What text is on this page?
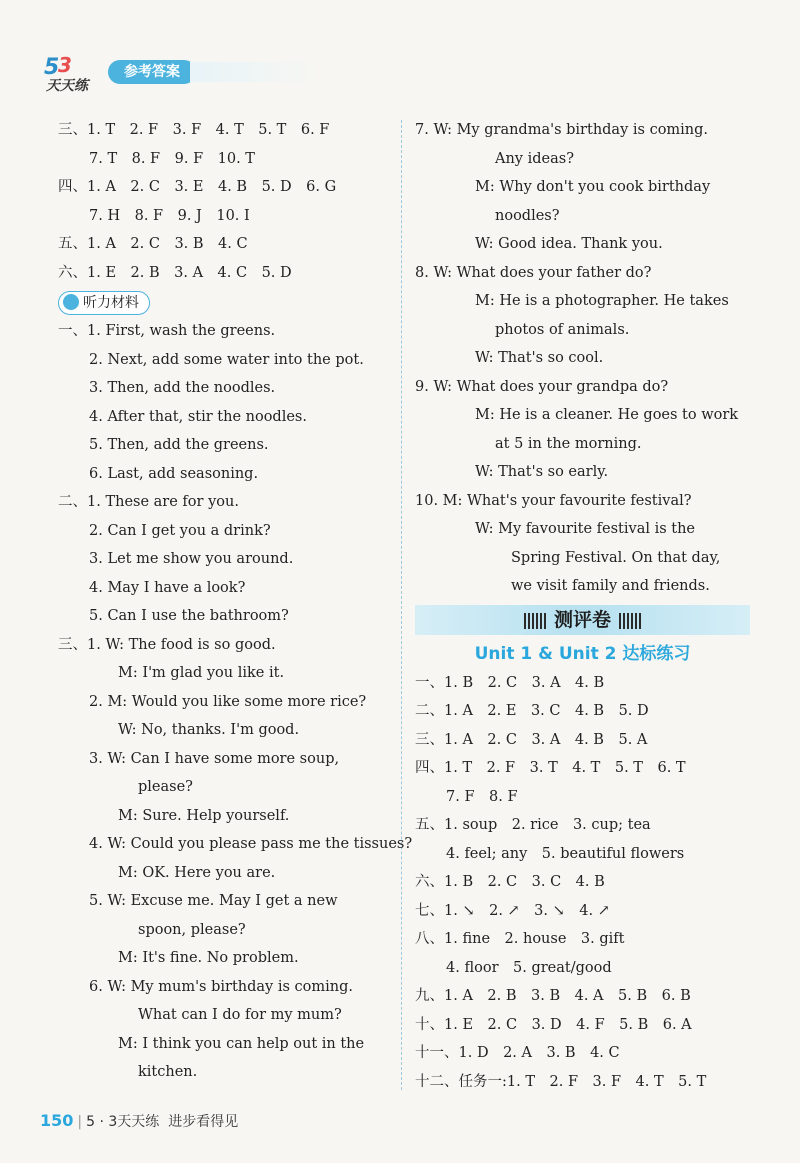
5
3
天天练
参考答案
三、1. T　2. F　3. F　4. T　5. T　6. F
7. T　8. F　9. F　10. T
四、1. A　2. C　3. E　4. B　5. D　6. G
7. H　8. F　9. J　10. I
五、1. A　2. C　3. B　4. C
六、1. E　2. B　3. A　4. C　5. D
听力材料
一、1. First, wash the greens.
2. Next, add some water into the pot.
3. Then, add the noodles.
4. After that, stir the noodles.
5. Then, add the greens.
6. Last, add seasoning.
二、1. These are for you.
2. Can I get you a drink?
3. Let me show you around.
4. May I have a look?
5. Can I use the bathroom?
三、1. W: The food is so good.
M: I'm glad you like it.
2. M: Would you like some more rice?
W: No, thanks. I'm good.
3. W: Can I have some more soup,
please?
M: Sure. Help yourself.
4. W: Could you please pass me the tissues?
M: OK. Here you are.
5. W: Excuse me. May I get a new
spoon, please?
M: It's fine. No problem.
6. W: My mum's birthday is coming.
What can I do for my mum?
M: I think you can help out in the
kitchen.
7. W: My grandma's birthday is coming.
Any ideas?
M: Why don't you cook birthday
noodles?
W: Good idea. Thank you.
8. W: What does your father do?
M: He is a photographer. He takes
photos of animals.
W: That's so cool.
9. W: What does your grandpa do?
M: He is a cleaner. He goes to work
at 5 in the morning.
W: That's so early.
10. M: What's your favourite festival?
W: My favourite festival is the
Spring Festival. On that day,
we visit family and friends.
测评卷
Unit 1 & Unit 2 达标练习
一、1. B　2. C　3. A　4. B
二、1. A　2. E　3. C　4. B　5. D
三、1. A　2. C　3. A　4. B　5. A
四、1. T　2. F　3. T　4. T　5. T　6. T
7. F　8. F
五、1. soup　2. rice　3. cup; tea
4. feel; any　5. beautiful flowers
六、1. B　2. C　3. C　4. B
七、1. ↘　2. ↗　3. ↘　4. ↗
八、1. fine　2. house　3. gift
4. floor　5. great/good
九、1. A　2. B　3. B　4. A　5. B　6. B
十、1. E　2. C　3. D　4. F　5. B　6. A
十一、1. D　2. A　3. B　4. C
十二、任务一:1. T　2. F　3. F　4. T　5. T
150 | 5 · 3天天练 进步看得见
